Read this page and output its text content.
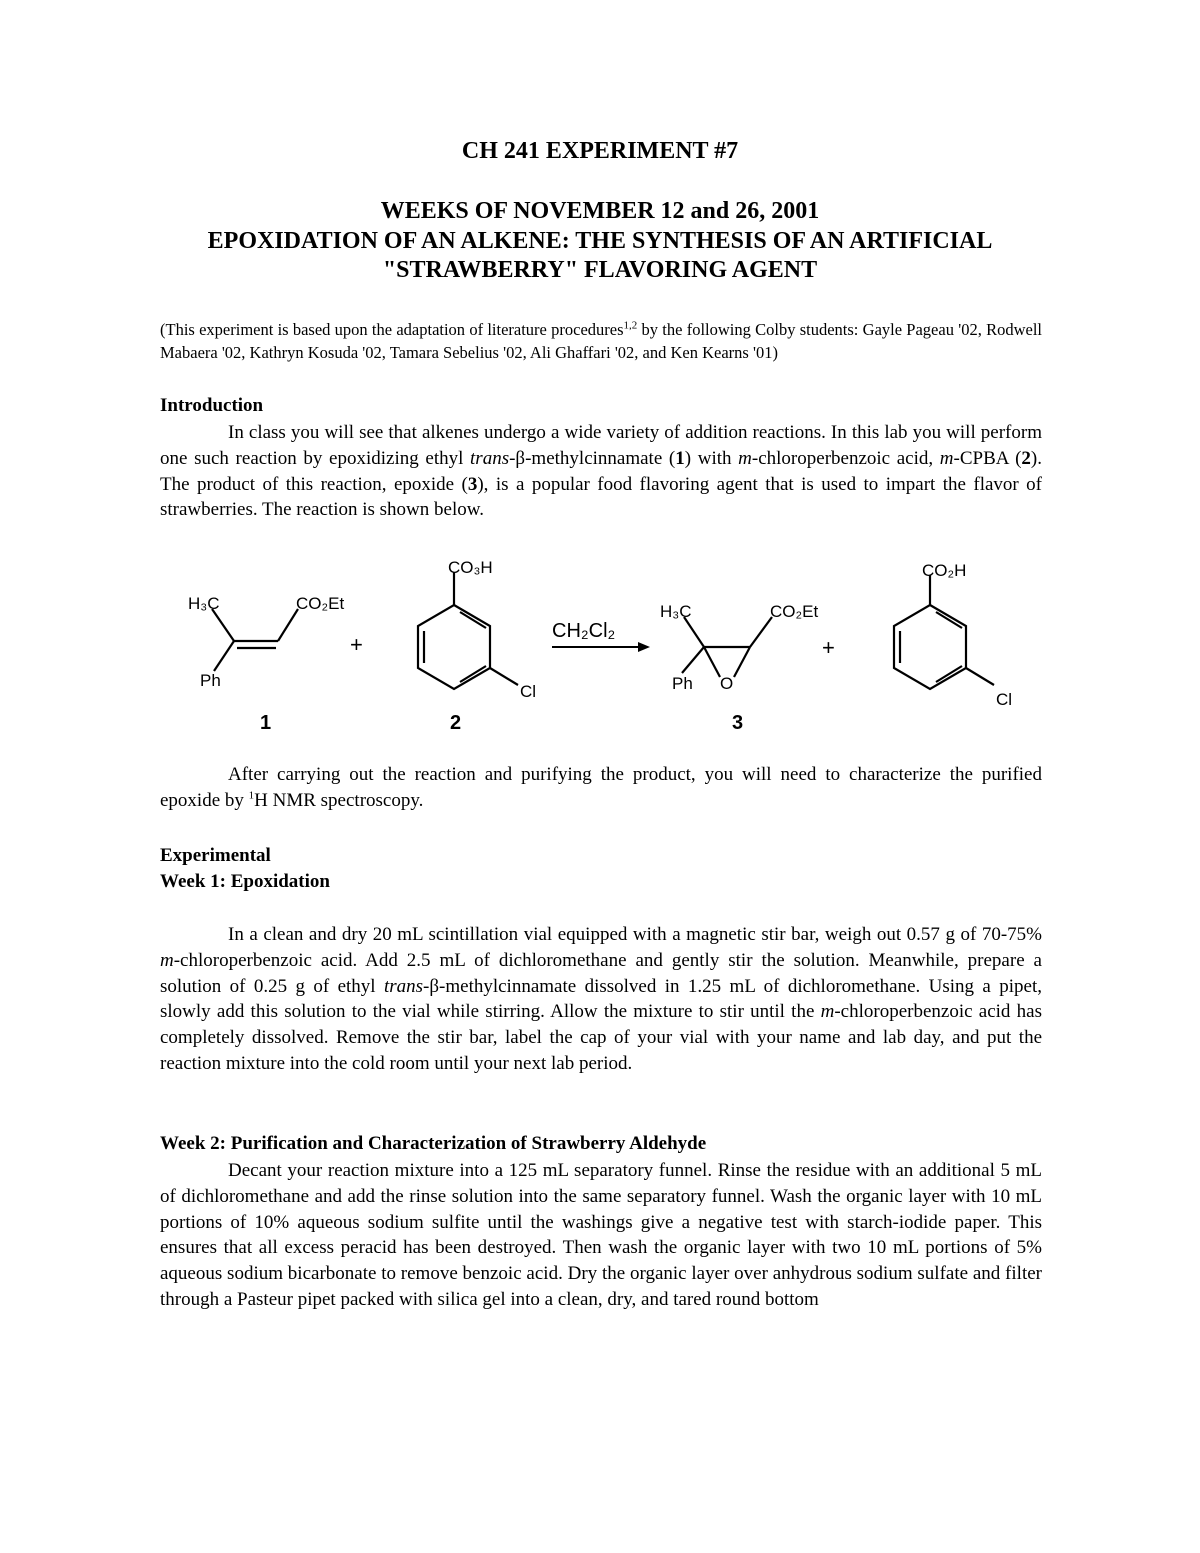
CH 241 EXPERIMENT #7
WEEKS OF NOVEMBER 12 and 26, 2001
EPOXIDATION OF AN ALKENE: THE SYNTHESIS OF AN ARTIFICIAL
"STRAWBERRY" FLAVORING AGENT
(This experiment is based upon the adaptation of literature procedures$^{1,2}$ by the following Colby students: Gayle Pageau '02, Rodwell Mabaera '02, Kathryn Kosuda '02, Tamara Sebelius '02, Ali Ghaffari '02, and Ken Kearns '01)
Introduction
In class you will see that alkenes undergo a wide variety of addition reactions. In this lab you will perform one such reaction by epoxidizing ethyl trans-β-methylcinnamate (1) with m-chloroperbenzoic acid, m-CPBA (2). The product of this reaction, epoxide (3), is a popular food flavoring agent that is used to impart the flavor of strawberries. The reaction is shown below.
H₃C	CO₂Et
Ph
+
CO₃H
Cl
CH₂Cl₂
H₃C	CO₂Et
Ph O
+
CO₂H
Cl
1	2	3
After carrying out the reaction and purifying the product, you will need to characterize the purified epoxide by $^1$H NMR spectroscopy.
Experimental
Week 1: Epoxidation
In a clean and dry 20 mL scintillation vial equipped with a magnetic stir bar, weigh out 0.57 g of 70-75% m-chloroperbenzoic acid. Add 2.5 mL of dichloromethane and gently stir the solution. Meanwhile, prepare a solution of 0.25 g of ethyl trans-β-methylcinnamate dissolved in 1.25 mL of dichloromethane. Using a pipet, slowly add this solution to the vial while stirring. Allow the mixture to stir until the m-chloroperbenzoic acid has completely dissolved. Remove the stir bar, label the cap of your vial with your name and lab day, and put the reaction mixture into the cold room until your next lab period.
Week 2: Purification and Characterization of Strawberry Aldehyde
Decant your reaction mixture into a 125 mL separatory funnel. Rinse the residue with an additional 5 mL of dichloromethane and add the rinse solution into the same separatory funnel. Wash the organic layer with 10 mL portions of 10% aqueous sodium sulfite until the washings give a negative test with starch-iodide paper. This ensures that all excess peracid has been destroyed. Then wash the organic layer with two 10 mL portions of 5% aqueous sodium bicarbonate to remove benzoic acid. Dry the organic layer over anhydrous sodium sulfate and filter through a Pasteur pipet packed with silica gel into a clean, dry, and tared round bottom
